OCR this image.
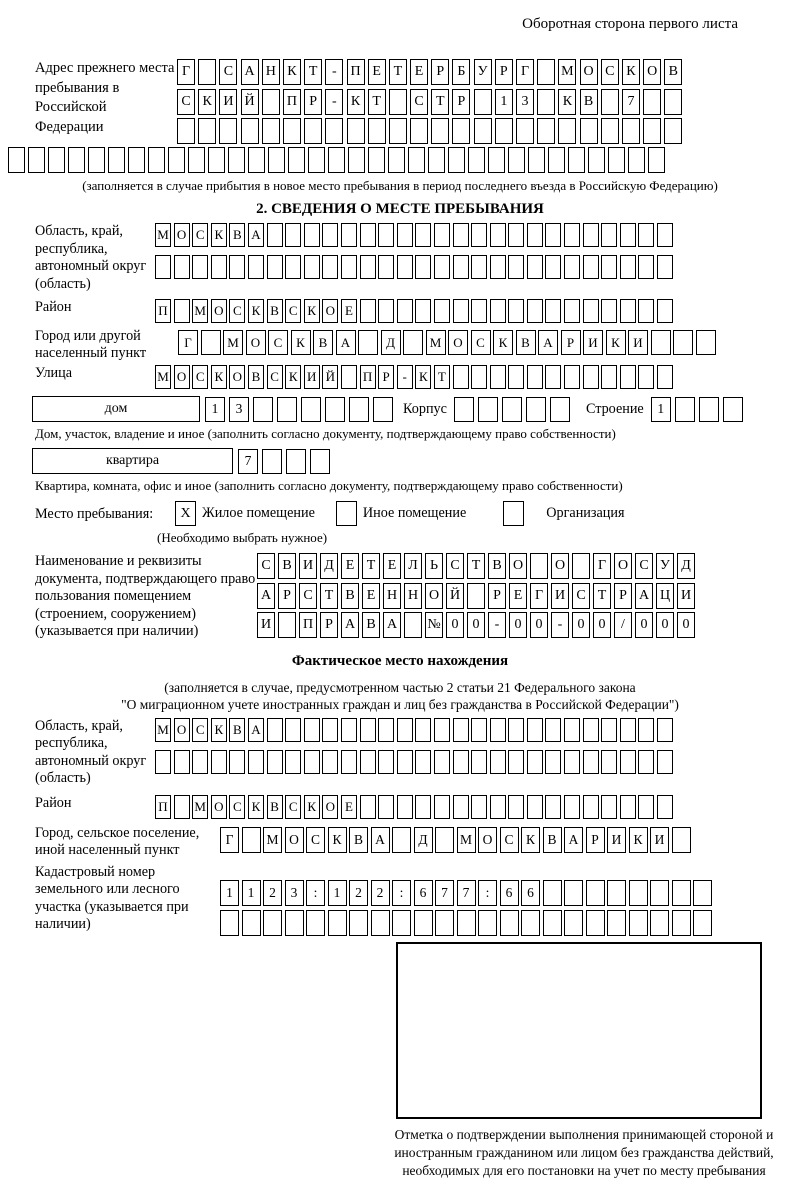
Оборотная сторона первого листа
Адрес прежнего места пребывания в Российской Федерации
Г	С А Н К Т	- П Е Т Е Р Б У Р Г	М О С К О В
С К И Й П Р	-	К Т	С Т Р	1	3	К В	7
(заполняется в случае прибытия в новое место пребывания в период последнего въезда в Российскую Федерацию)
2. СВЕДЕНИЯ О МЕСТЕ ПРЕБЫВАНИЯ
Область, край, республика, автономный округ (область)
М О С К В А
Район	П М О С К В С К О Е
Город или другой населенный пункт
Г	М О	С	К	В	А	Д	М О	С	К	В	А	Р	И	К	И
Улица	М О С К О В С К И Й П Р - К Т
дом	1	3	Корпус	Строение	1
Дом, участок, владение и иное (заполнить согласно документу, подтверждающему право собственности)
квартира	7
Квартира, комната, офис и иное (заполнить согласно документу, подтверждающему право собственности)
Место пребывания:	X Жилое помещение	Иное помещение	Организация
(Необходимо выбрать нужное)
Наименование и реквизиты документа, подтверждающего право пользования помещением (строением, сооружением) (указывается при наличии)
С В И Д Е Т Е Л Ь С Т В О О	Г О С У Д
А Р С Т В Е Н Н О Й	Р Е Г И С Т Р А Ц И
И П Р А В А № 0	0	-	0	0	-	0	0	/	0	0	0
Фактическое место нахождения
(заполняется в случае, предусмотренном частью 2 статьи 21 Федерального закона
"О миграционном учете иностранных граждан и лиц без гражданства в Российской Федерации")
Область, край, республика, автономный округ (область)
М О С К В А
Район	П М О С К В С К О Е
Город, сельское поселение, иной населенный пункт
Г	М О С К В А	Д	М О С К В А Р И К И
Кадастровый номер земельного или лесного участка (указывается при наличии)
1	1	2	3	:	1	2	2	:	6	7	7	:	6	6
Отметка о подтверждении выполнения принимающей стороной и иностранным гражданином или лицом без гражданства действий, необходимых для его постановки на учет по месту пребывания
